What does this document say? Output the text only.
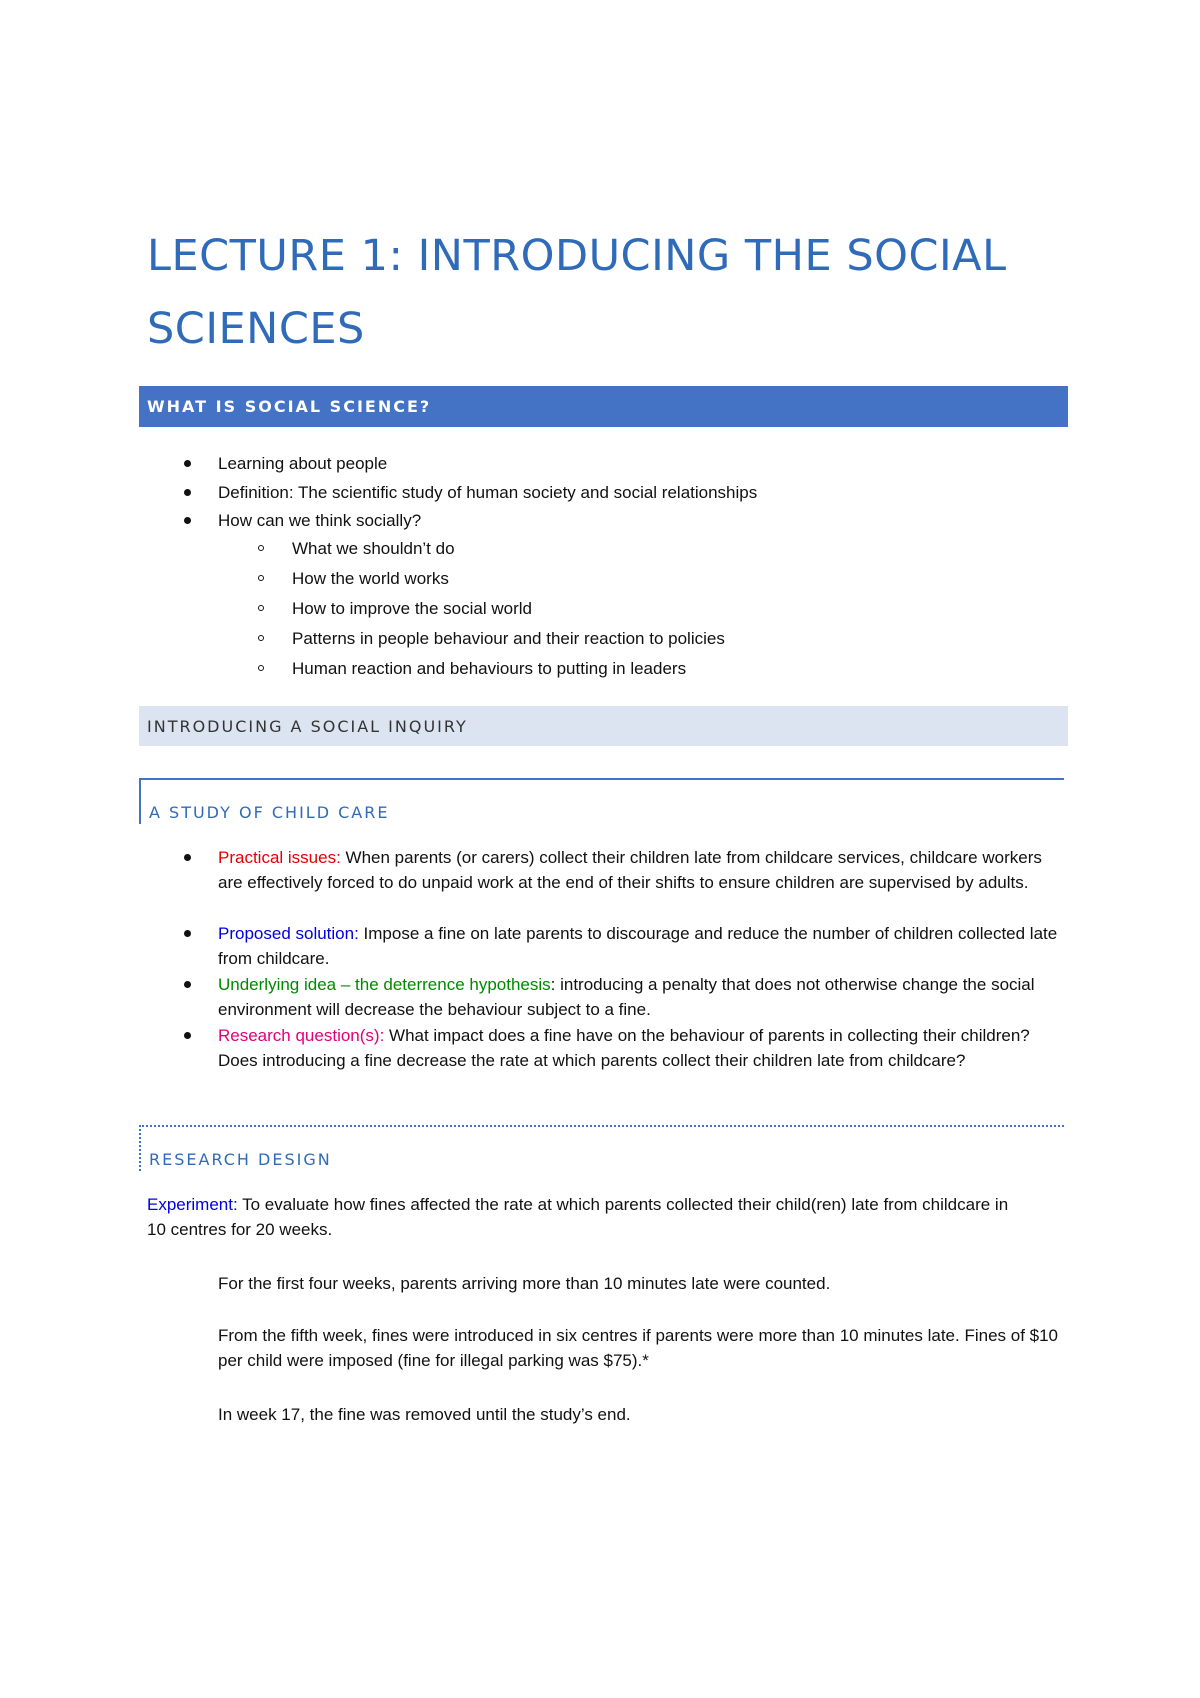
LECTURE 1: INTRODUCING THE SOCIAL SCIENCES
WHAT IS SOCIAL SCIENCE?
Learning about people
Definition: The scientific study of human society and social relationships
How can we think socially?
What we shouldn’t do
How the world works
How to improve the social world
Patterns in people behaviour and their reaction to policies
Human reaction and behaviours to putting in leaders
INTRODUCING A SOCIAL INQUIRY
A STUDY OF CHILD CARE
Practical issues: When parents (or carers) collect their children late from childcare services, childcare workers are effectively forced to do unpaid work at the end of their shifts to ensure children are supervised by adults.
Proposed solution: Impose a fine on late parents to discourage and reduce the number of children collected late from childcare.
Underlying idea – the deterrence hypothesis: introducing a penalty that does not otherwise change the social environment will decrease the behaviour subject to a fine.
Research question(s): What impact does a fine have on the behaviour of parents in collecting their children? Does introducing a fine decrease the rate at which parents collect their children late from childcare?
RESEARCH DESIGN
Experiment: To evaluate how fines affected the rate at which parents collected their child(ren) late from childcare in 10 centres for 20 weeks.
For the first four weeks, parents arriving more than 10 minutes late were counted.
From the fifth week, fines were introduced in six centres if parents were more than 10 minutes late. Fines of $10 per child were imposed (fine for illegal parking was $75).*
In week 17, the fine was removed until the study’s end.
